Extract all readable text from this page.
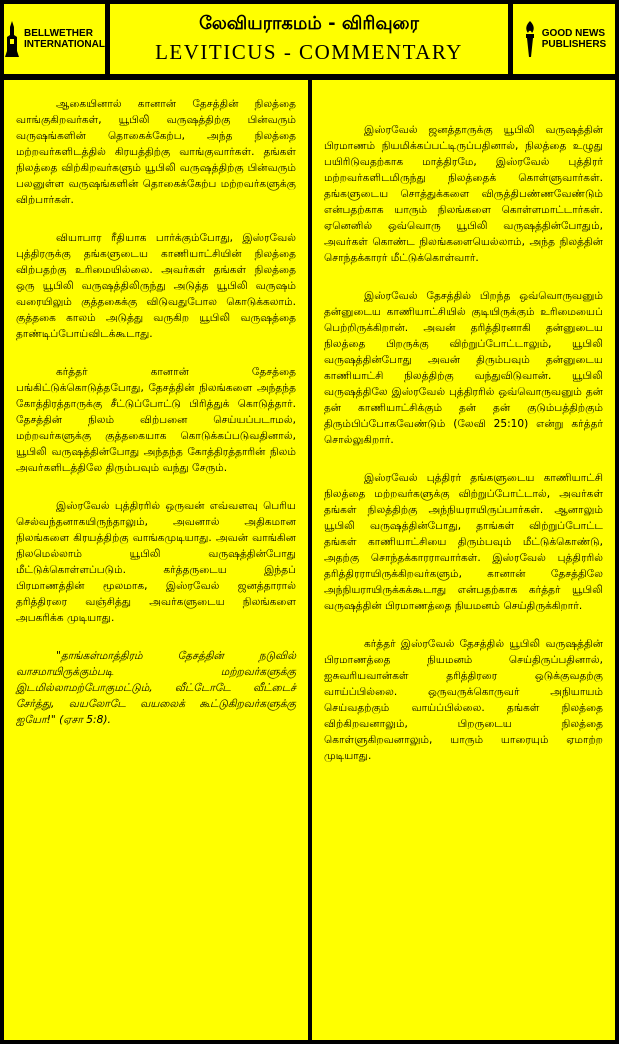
BELLWETHER
INTERNATIONAL
லேவியராகமம் - விரிவுரை
LEVITICUS - COMMENTARY
GOOD NEWS
PUBLISHERS

ஆகையினால் கானான் தேசத்தின் நிலத்தை வாங்குகிறவர்கள், யூபிலி வருஷத்திற்கு பின்வரும் வருஷங்களின் தொகைக்கேற்ப, அந்த நிலத்தை மற்றவர்களிடத்தில் கிரயத்திற்கு வாங்குவார்கள். தங்கள் நிலத்தை விற்கிறவர்களும் யூபிலி வருஷத்திற்கு பின்வரும் பலனுள்ள வருஷங்களின் தொகைக்கேற்ப மற்றவர்களுக்கு விற்பார்கள்.

வியாபார ரீதியாக பார்க்கும்போது, இஸ்ரவேல் புத்திரருக்கு தங்களுடைய காணியாட்சியின் நிலத்தை விற்பதற்கு உரிமையில்லை. அவர்கள் தங்கள் நிலத்தை ஒரு யூபிலி வருஷத்திலிருந்து அடுத்த யூபிலி வருஷம் வரையிலும் குத்தகைக்கு விடுவதுபோல கொடுக்கலாம். குத்தகை காலம் அடுத்து வருகிற யூபிலி வருஷத்தை தாண்டிப்போய்விடக்கூடாது.

கர்த்தர் கானான் தேசத்தை பங்கிட்டுக்கொடுத்தபோது, தேசத்தின் நிலங்களை அந்தந்த கோத்திரத்தாருக்கு சீட்டுப்போட்டு பிரித்துக் கொடுத்தார். தேசத்தின் நிலம் விற்பனை செய்யப்படாமல், மற்றவர்களுக்கு குத்தகையாக கொடுக்கப்படுவதினால், யூபிலி வருஷத்தின்போது அந்தந்த கோத்திரத்தாரின் நிலம் அவர்களிடத்திலே திரும்பவும் வந்து சேரும்.

இஸ்ரவேல் புத்திரரில் ஒருவன் எவ்வளவு பெரிய செல்வந்தனாகயிருந்தாலும், அவனால் அதிகமான நிலங்களை கிரயத்திற்கு வாங்கமுடியாது. அவன் வாங்கின நிலமெல்லாம் யூபிலி வருஷத்தின்போது மீட்டுக்கொள்ளப்படும். கர்த்தருடைய இந்தப் பிரமாணத்தின் மூலமாக, இஸ்ரவேல் ஜனத்தாரால் தரித்திரரை வஞ்சித்து அவர்களுடைய நிலங்களை அபகரிக்க முடியாது.

"தாங்கள்மாத்திரம் தேசத்தின் நடுவில் வாசமாயிருக்கும்படி மற்றவர்களுக்கு இடமில்லாமற்போகுமட்டும், வீட்டோடே வீட்டைச் சேர்த்து, வயலோடே வயலைக் கூட்டுகிறவர்களுக்கு ஐயோ!" (ஏசா 5:8).

இஸ்ரவேல் ஜனத்தாருக்கு யூபிலி வருஷத்தின் பிரமாணம் நியமிக்கப்பட்டிருப்பதினால், நிலத்தை உழுது பயிரிடுவதற்காக மாத்திரமே, இஸ்ரவேல் புத்திரர் மற்றவர்களிடமிருந்து நிலத்தைக் கொள்ளுவார்கள். தங்களுடைய சொத்துக்களை விருத்திபண்ணவேண்டும் என்பதற்காக யாரும் நிலங்களை கொள்ளமாட்டார்கள். ஏனெனில் ஒவ்வொரு யூபிலி வருஷத்தின்போதும், அவர்கள் கொண்ட நிலங்களையெல்லாம், அந்த நிலத்தின் சொந்தக்காரர் மீட்டுக்கொள்வார்.

இஸ்ரவேல் தேசத்தில் பிறந்த ஒவ்வொருவனும் தன்னுடைய காணியாட்சியில் குடியிருக்கும் உரிமையைப் பெற்றிருக்கிறான். அவன் தரித்திரனாகி தன்னுடைய நிலத்தை பிறருக்கு விற்றுப்போட்டாலும், யூபிலி வருஷத்தின்போது அவன் திரும்பவும் தன்னுடைய காணியாட்சி நிலத்திற்கு வந்துவிடுவான். யூபிலி வருஷத்திலே இஸ்ரவேல் புத்திரரில் ஒவ்வொருவனும் தன் தன் காணியாட்சிக்கும் தன் தன் குடும்பத்திற்கும் திரும்பிப்போகவேண்டும் (லேவி 25:10) என்று கர்த்தர் சொல்லுகிறார்.

இஸ்ரவேல் புத்திரர் தங்களுடைய காணியாட்சி நிலத்தை மற்றவர்களுக்கு விற்றுப்போட்டால், அவர்கள் தங்கள் நிலத்திற்கு அந்நியராயிருப்பார்கள். ஆனாலும் யூபிலி வருஷத்தின்போது, தாங்கள் விற்றுப்போட்ட தங்கள் காணியாட்சியை திரும்பவும் மீட்டுக்கொண்டு, அதற்கு சொந்தக்காரராவார்கள். இஸ்ரவேல் புத்திரரில் தரித்திரராயிருக்கிறவர்களும், கானான் தேசத்திலே அந்நியராயிருக்கக்கூடாது என்பதற்காக கர்த்தர் யூபிலி வருஷத்தின் பிரமாணத்தை நியமனம் செய்திருக்கிறார்.

கர்த்தர் இஸ்ரவேல் தேசத்தில் யூபிலி வருஷத்தின் பிரமாணத்தை நியமனம் செய்திருப்பதினால், ஐசுவரியவான்கள் தரித்திரரை ஒடுக்குவதற்கு வாய்ப்பில்லை. ஒருவருக்கொருவர் அநியாயம் செய்வதற்கும் வாய்ப்பில்லை. தங்கள் நிலத்தை விற்கிறவனாலும், பிறருடைய நிலத்தை கொள்ளுகிறவனாலும், யாரும் யாரையும் ஏமாற்ற முடியாது.
